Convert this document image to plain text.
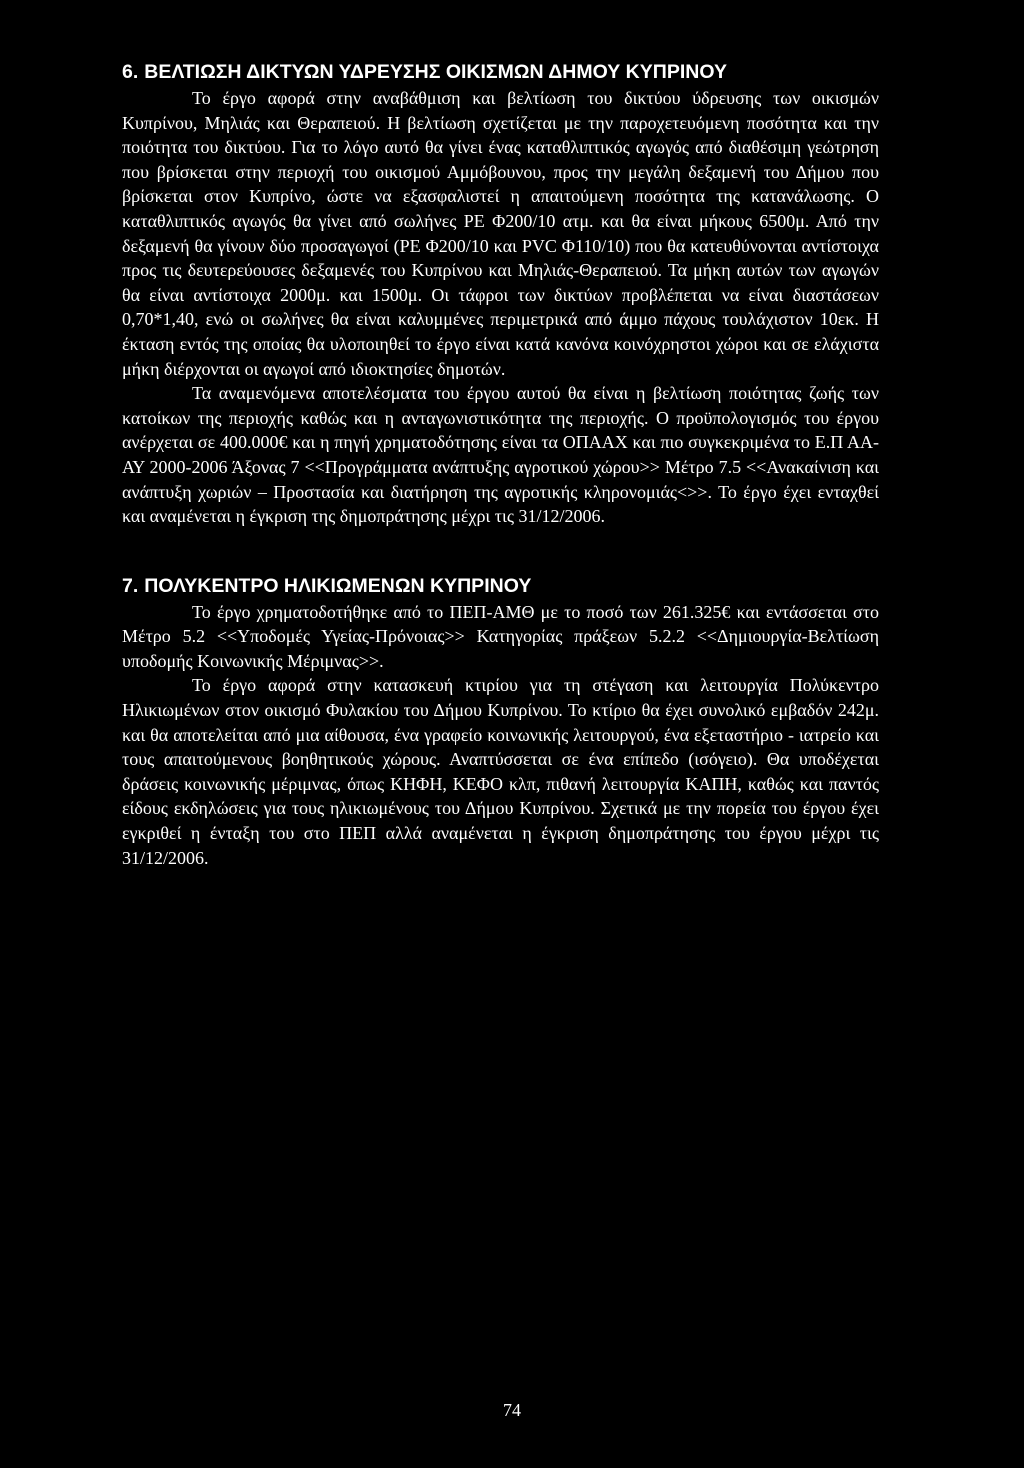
6. ΒΕΛΤΙΩΣΗ ΔΙΚΤΥΩΝ ΥΔΡΕΥΣΗΣ ΟΙΚΙΣΜΩΝ ΔΗΜΟΥ ΚΥΠΡΙΝΟΥ

Το έργο αφορά στην αναβάθμιση και βελτίωση του δικτύου ύδρευσης των οικισμών Κυπρίνου, Μηλιάς και Θεραπειού. Η βελτίωση σχετίζεται με την παροχετευόμενη ποσότητα και την ποιότητα του δικτύου. Για το λόγο αυτό θα γίνει ένας καταθλιπτικός αγωγός από διαθέσιμη γεώτρηση που βρίσκεται στην περιοχή του οικισμού Αμμόβουνου, προς την μεγάλη δεξαμενή του Δήμου που βρίσκεται στον Κυπρίνο, ώστε να εξασφαλιστεί η απαιτούμενη ποσότητα της κατανάλωσης. Ο καταθλιπτικός αγωγός θα γίνει από σωλήνες PE Φ200/10 ατμ. και θα είναι μήκους 6500μ. Από την δεξαμενή θα γίνουν δύο προσαγωγοί (PE Φ200/10 και PVC Φ110/10) που θα κατευθύνονται αντίστοιχα προς τις δευτερεύουσες δεξαμενές του Κυπρίνου και Μηλιάς-Θεραπειού. Τα μήκη αυτών των αγωγών θα είναι αντίστοιχα 2000μ. και 1500μ. Οι τάφροι των δικτύων προβλέπεται να είναι διαστάσεων 0,70*1,40, ενώ οι σωλήνες θα είναι καλυμμένες περιμετρικά από άμμο πάχους τουλάχιστον 10εκ. Η έκταση εντός της οποίας θα υλοποιηθεί το έργο είναι κατά κανόνα κοινόχρηστοι χώροι και σε ελάχιστα μήκη διέρχονται οι αγωγοί από ιδιοκτησίες δημοτών.

Τα αναμενόμενα αποτελέσματα του έργου αυτού θα είναι η βελτίωση ποιότητας ζωής των κατοίκων της περιοχής καθώς και η ανταγωνιστικότητα της περιοχής. Ο προϋπολογισμός του έργου ανέρχεται σε 400.000€ και η πηγή χρηματοδότησης είναι τα ΟΠΑΑΧ και πιο συγκεκριμένα το Ε.Π ΑΑ-ΑΥ 2000-2006 Άξονας 7 <<Προγράμματα ανάπτυξης αγροτικού χώρου>> Μέτρο 7.5 <<Ανακαίνιση και ανάπτυξη χωριών – Προστασία και διατήρηση της αγροτικής κληρονομιάς<>>. Το έργο έχει ενταχθεί και αναμένεται η έγκριση της δημοπράτησης μέχρι τις 31/12/2006.

7. ΠΟΛΥΚΕΝΤΡΟ ΗΛΙΚΙΩΜΕΝΩΝ ΚΥΠΡΙΝΟΥ

Το έργο χρηματοδοτήθηκε από το ΠΕΠ-ΑΜΘ με το ποσό των 261.325€ και εντάσσεται στο Μέτρο 5.2 <<Υποδομές Υγείας-Πρόνοιας>> Κατηγορίας πράξεων 5.2.2 <<Δημιουργία-Βελτίωση υποδομής Κοινωνικής Μέριμνας>>.

Το έργο αφορά στην κατασκευή κτιρίου για τη στέγαση και λειτουργία Πολύκεντρο Ηλικιωμένων στον οικισμό Φυλακίου του Δήμου Κυπρίνου. Το κτίριο θα έχει συνολικό εμβαδόν 242μ. και θα αποτελείται από μια αίθουσα, ένα γραφείο κοινωνικής λειτουργού, ένα εξεταστήριο - ιατρείο και τους απαιτούμενους βοηθητικούς χώρους. Αναπτύσσεται σε ένα επίπεδο (ισόγειο). Θα υποδέχεται δράσεις κοινωνικής μέριμνας, όπως ΚΗΦΗ, ΚΕΦΟ κλπ, πιθανή λειτουργία ΚΑΠΗ, καθώς και παντός είδους εκδηλώσεις για τους ηλικιωμένους του Δήμου Κυπρίνου. Σχετικά με την πορεία του έργου έχει εγκριθεί η ένταξη του στο ΠΕΠ αλλά αναμένεται η έγκριση δημοπράτησης του έργου μέχρι τις 31/12/2006.

74
